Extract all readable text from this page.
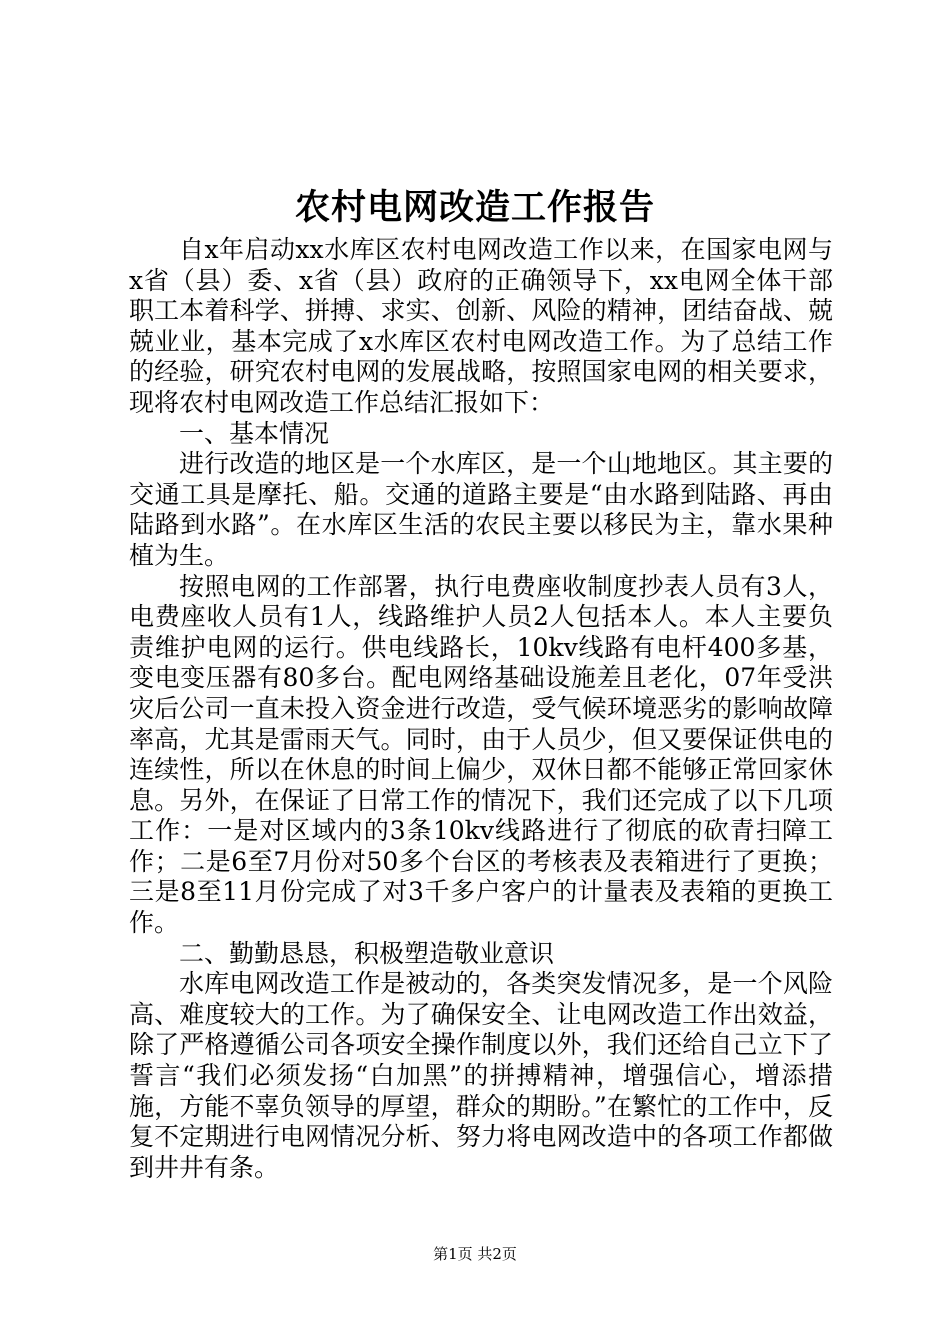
农村电网改造工作报告

自x年启动xx水库区农村电网改造工作以来，在国家电网与x省（县）委、x省（县）政府的正确领导下，xx电网全体干部职工本着科学、拼搏、求实、创新、风险的精神，团结奋战、兢兢业业，基本完成了x水库区农村电网改造工作。为了总结工作的经验，研究农村电网的发展战略，按照国家电网的相关要求，现将农村电网改造工作总结汇报如下：

一、基本情况

进行改造的地区是一个水库区，是一个山地地区。其主要的交通工具是摩托、船。交通的道路主要是“由水路到陆路、再由陆路到水路”。在水库区生活的农民主要以移民为主，靠水果种植为生。

按照电网的工作部署，执行电费座收制度抄表人员有3人，电费座收人员有1人，线路维护人员2人包括本人。本人主要负责维护电网的运行。供电线路长，10kv线路有电杆400多基，变电变压器有80多台。配电网络基础设施差且老化，07年受洪灾后公司一直未投入资金进行改造，受气候环境恶劣的影响故障率高，尤其是雷雨天气。同时，由于人员少，但又要保证供电的连续性，所以在休息的时间上偏少，双休日都不能够正常回家休息。另外，在保证了日常工作的情况下，我们还完成了以下几项工作：一是对区域内的3条10kv线路进行了彻底的砍青扫障工作；二是6至7月份对50多个台区的考核表及表箱进行了更换；三是8至11月份完成了对3千多户客户的计量表及表箱的更换工作。

二、勤勤恳恳，积极塑造敬业意识

水库电网改造工作是被动的，各类突发情况多，是一个风险高、难度较大的工作。为了确保安全、让电网改造工作出效益，除了严格遵循公司各项安全操作制度以外，我们还给自己立下了誓言“我们必须发扬“白加黑”的拼搏精神，增强信心，增添措施，方能不辜负领导的厚望，群众的期盼。”在繁忙的工作中，反复不定期进行电网情况分析、努力将电网改造中的各项工作都做到井井有条。

第1页 共2页
